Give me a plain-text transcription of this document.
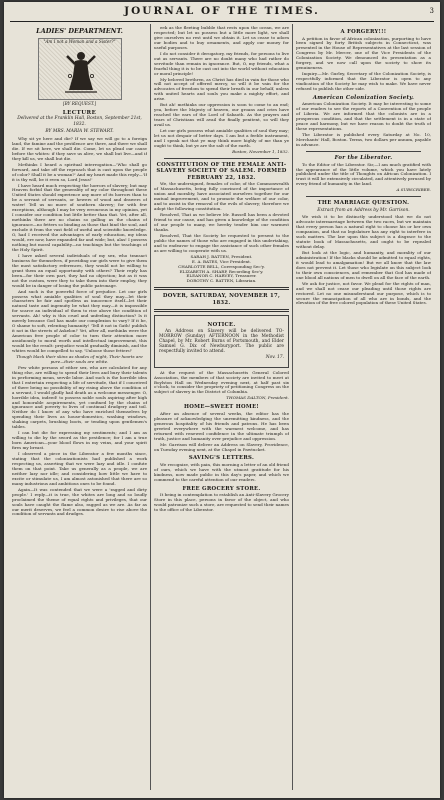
JOURNAL OF THE TIMES.	3
LADIES' DEPARTMENT.
"Am I not a Woman and a Sister?"
[BY REQUEST.]
LECTURE
Delivered at the Franklin Hall, Boston, September 21st, 1832.
BY MRS. MARIA W. STEWART.

Why sit ye here and die? If we say we will go to a foreign land, the famine and the pestilence are there, and there we shall die. If we sit here, we shall die. Come, let us plead our cause before the whites: if they save us alive, we shall but live—and if they kill us, we shall but die.

Methinks I heard a spiritual interrogation—'Who shall go forward, and take off the reproach that is cast upon the people of color? Shall it be a woman?' And my heart made this reply—'If it is thy will, be it even so, Lord Jesus!'

I have heard much respecting the horrors of slavery; but may Heaven forbid that the generality of my color throughout these United States should experience any more of its horrors than to be a servant of servants, or hewers of wood and drawers of water! Tell us no more of southern slavery; for with few exceptions, although I may be very erroneous in my opinion, yet I consider our condition but little better than that. Yet, after all, methinks there are no chains so galling as the chains of ignorance—no fetters so binding as those that bind the soul, and exclude it from the vast field of useful and scientific knowledge. O, had I received the advantages of early education, my ideas would, ere now, have expanded far and wide; but, alas! I possess nothing but moral capability—no teachings but the teachings of the Holy Spirit.

I have asked several individuals of my sex, who transact business for themselves, if providing our girls were to give them the most satisfactory references, they would not be willing to grant them an equal opportunity with others? Their reply has been—for their own part, they had no objection; but as it was not the custom, were they to take them into their employ, they would be in danger of losing the public patronage.

And such is the powerful force of prejudice. Let our girls possess what amiable qualities of soul they may—let their characters be fair and spotless as innocence itself—let their natural taste and ingenuity be what they may—it is impossible for scarce an individual of them to rise above the condition of servants. Ah! why is this cruel and unfeeling distinction? Is it merely because God has made our complexion to vary? If it be, O shame to soft, relenting humanity! 'Tell it not in Gath! publish it not in the streets of Askelon!' Yet, after all, methinks were the American free people of color to turn their attention more assiduously to moral worth and intellectual improvement, this would be the result: prejudice would gradually diminish, and the whites would be compelled to say, 'Unloose those fetters!'

Though black their skins as shades of night, Their hearts are pure—their souls are white.

Few white persons of either sex, who are calculated for any thing else, are willing to spend their lives and bury their talents in performing mean, servile labor. And such is the horrible idea that I entertain respecting a life of servitude, that if I conceived of there being no possibility of my rising above the condition of a servant, I would gladly hail death as a welcome messenger. O, horrible idea, indeed! to possess noble souls aspiring after high and honorable acquirements, yet confined by the chains of ignorance and poverty to lives of continual drudgery and toil. Neither do I know of any who have enriched themselves by spending their lives as house-domestics, washing windows, shaking carpets, brushing boots, or tending upon gentlemen's tables.

I can but die for expressing my sentiments; and I am as willing to die by the sword as the pestilence; for I am a true born American—your blood flows in my veins, and your spirit fires my breast.

I observed a piece in the Liberator a few months since, stating that the colonizationists had published a work respecting us, asserting that we were lazy and idle. I confute them on that point. Take us generally as a people, we are neither lazy nor idle; and considering how little we have to excite or stimulate us, I am almost astonished that there are so many industrious and ambitious ones to be found.

Again—It was contended that we were a 'ragged and dirty people.' I reply—it is true, the whites are long and so loudly proclaimed the theme of equal rights and privileges, that our souls have caught the flame also, ragged as we are. As far as our merit deserves, we feel a common desire to rise above the condition of servants and drudges.

eek as the fleeting bubble that rests upon the ocean, we are respected; but let us possess but a little more light, we shall give ourselves no rest until we obtain it. Let us cease to adorn our bodies and to buy ornaments, and apply our money for useful purposes.

I do not consider it derogatory, my friends, for persons to live out as servants. There are no doubt many who had rather do servitude than remain in ignorance. But, O, my friends, what a fearful thing it is to be cast out into the world without education or moral principle!

My beloved brethren, as Christ has died in vain for those who will not accept of offered mercy, so will it be vain for the advocates of freedom to spend their breath in our behalf, unless with united hearts and souls you make a mighty effort, and arise.

But ah! methinks our oppression is soon to come to an end; yea, before the Majesty of heaven, our groans and cries have reached the ears of the Lord of Sabaoth. As the prayers and tears of Christians will avail the finally penitent, so will they avail us.

Let our girls possess what amiable qualities of soul they may; let us not despair of better days. I am but a feeble instrument, and I speak not that ye may think more highly of me than ye ought to think, but ye are the salt of the earth.

Boston, November 1, 1832.
CONSTITUTION OF THE FEMALE ANTI-SLAVERY SOCIETY OF SALEM. FORMED FEBRUARY 22, 1832.

We, the undersigned, females of color, of the Commonwealth of Massachusetts, being fully convinced of the importance of union and morality, have associated ourselves together for our mutual improvement, and to promote the welfare of our color, and to assist in the removal of the evils of slavery; therefore we adopt the following constitution.

Resolved, That as we believe Mr. Russell has been a devoted friend to our cause, and has given a knowledge of the condition of our people to many, we hereby tender him our warmest thanks.

Resolved, That the Society be requested to present to the public the names of those who are engaged in this undertaking, and to endeavor to engage the assistance of such other females as are willing to cooperate with us.

SARAH J. BATTEN, President.

E. A. BATES, Vice President.

CHARLOTTE BELL, Corresponding Sec'y.

ELIZABETH A. SHARP, Recording Sec'y.

ELEANOR C. HARVEY, Treasurer.

DOROTHY C. BATTEN, Librarian.

DOVER, SATURDAY, NOVEMBER 17, 1832.
NOTICE.

An Address on Slavery will be delivered TO-MORROW (Sunday) AFTERNOON in the Methodist Chapel, by Mr. Robert Burns of Portsmouth, and Elder Samuel G. Dix of Newburyport. The public are respectfully invited to attend.

Nov. 17.

At the request of the Massachusetts General Colored Association, the members of that society are invited to meet at Boylston Hall on Wednesday evening next, at half past six o'clock, to consider the propriety of petitioning Congress on the subject of slavery in the District of Columbia.

THOMAS DALTON, President.
HOME—SWEET HOME!

After an absence of several weeks, the editor has the pleasure of acknowledging the unremitting kindness, and the generous hospitality of his friends and patrons. He has been greeted everywhere with the warmest welcome, and has returned with renewed confidence in the ultimate triumph of truth, justice and humanity over prejudice and oppression.

Mr. Garrison will deliver an Address on Slavery, Providence, on Tuesday evening next, at the Chapel in Pawtucket.

SAVING'S LETTERS.

We recognize, with pain, this morning a letter of an old friend of ours, which we have with the utmost gratitude for his kindness, now made public in this day's paper, and which we commend to the careful attention of our readers.

FREE GROCERY STORE.

It being in contemplation to establish an Anti-Slavery Grocery Store in this place, persons in favor of the object, and who would patronize such a store, are requested to send their names to the office of the Liberator.

A FORGERY!!!

A petition in favor of African colonization, purporting to have been signed by forty British subjects in Connecticut, was presented in the House of Representatives at the last session of Congress by Mr. Mercer, one of the Vice Presidents of the Colonization Society. We denounced its presentation as a forgery, and we now call upon the society to show its genuineness.

Inquiry.—Mr. Gurley, Secretary of the Colonization Society, is respectfully informed that the Liberator is open to any vindication of the Society he may wish to make. We have never refused to publish the other side.

American Colonization Society.

American Colonization Society. It may be interesting to some of our readers to see the reports of a Convention of the people of Liberia. We are informed that the colonists are in a prosperous condition, and that the settlement is in a state of peace and harmony, but we have reason to doubt the truth of these representations.

The Liberator is published every Saturday at No. 10, Merchants' Hall, Boston. Terms, two dollars per annum, payable in advance.

For the Liberator.

To the Editor of the Liberator. Sir,—I am much gratified with the appearance of the little volume, which you have lately published under the title of Thoughts on African Colonization. I trust it will be extensively circulated, and attentively perused by every friend of humanity in the land.

A SUBSCRIBER.
THE MARRIAGE QUESTION.
Extract from an Address by Mr. Garrison.

We wish it to be distinctly understood that we do not advocate intermarriage between the two races, but we maintain that every person has a natural right to choose his or her own companion, and that no legislature has any right to interfere in such matters. The law upon this subject is a disgrace to the statute book of Massachusetts, and ought to be repealed without delay.

But look at the logic, and humanity, and morality of our administration! If the blacks should be admitted to equal rights, it would lead to amalgamation! But we all know that the law does not prevent it. Let those who legislate on this subject look to their own consciences, and remember that God has made of one blood all nations of men to dwell on all the face of the earth.

We ask for justice, not favor. We plead for the rights of man, and we shall not cease our pleading until those rights are restored. Let no one misunderstand our purpose, which is to secure the emancipation of all who are in bonds, and the elevation of the free colored population of these United States.
